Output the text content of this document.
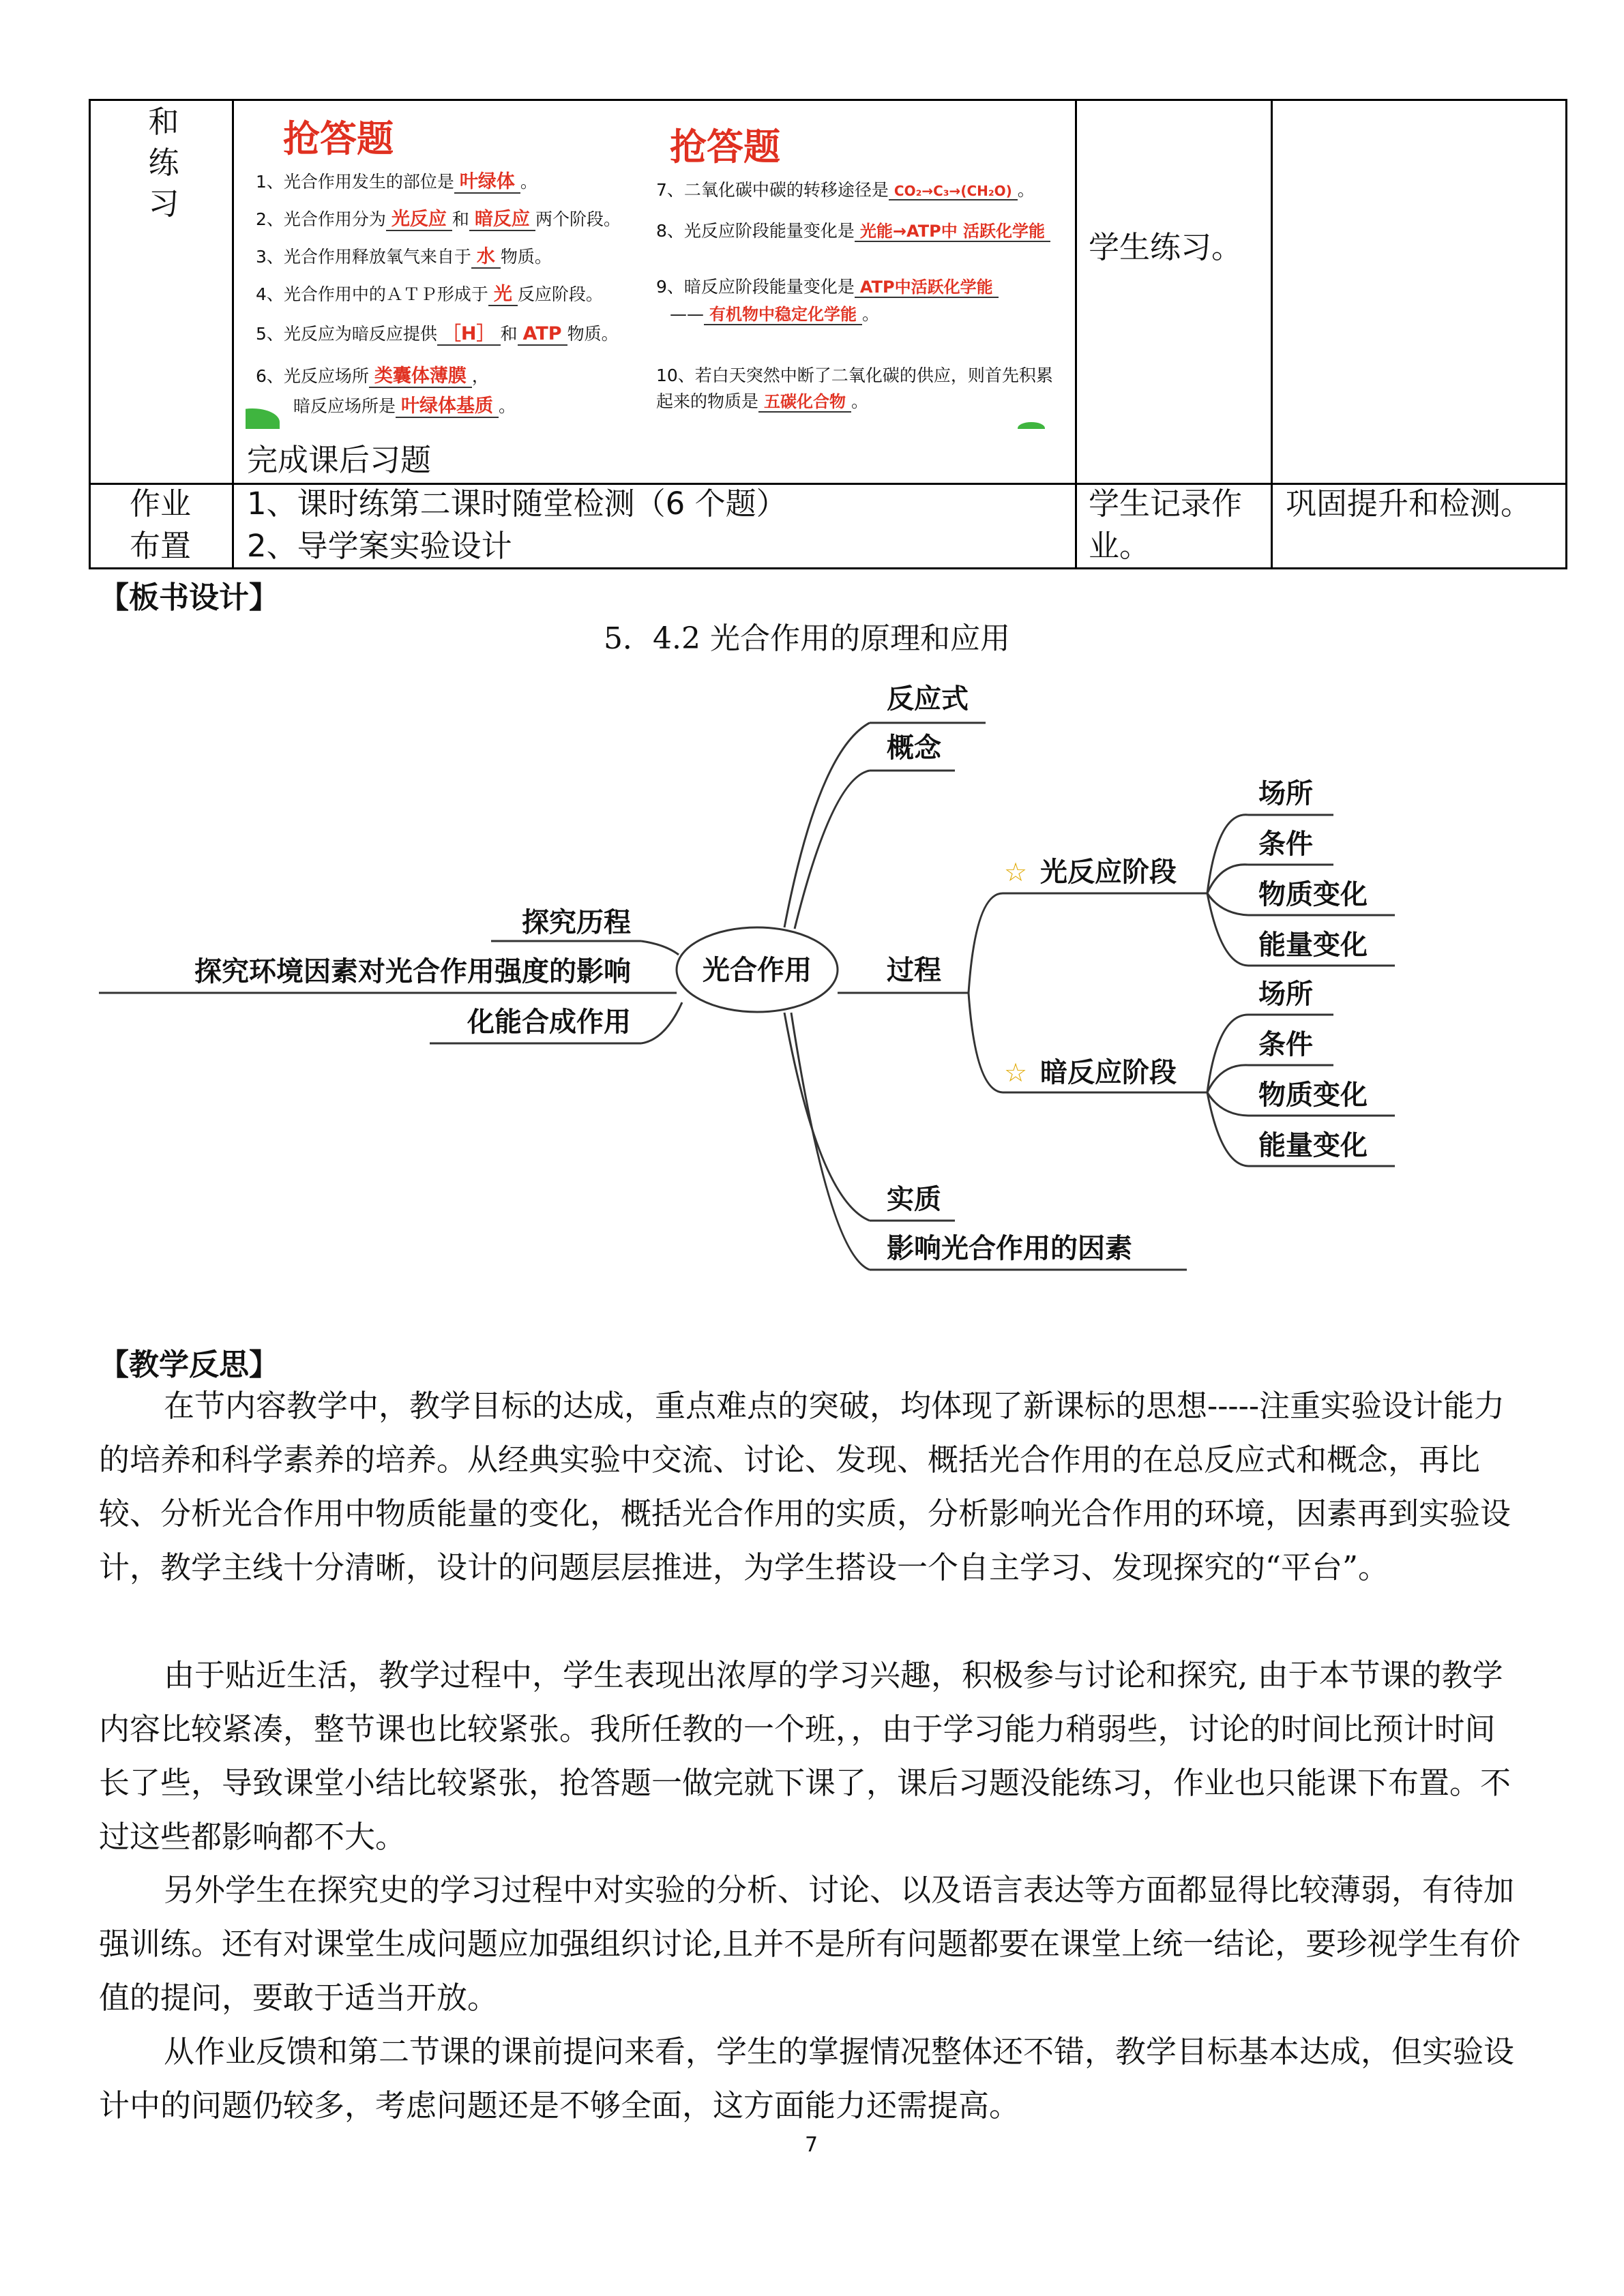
和
练
习
抢答题
1、光合作用发生的部位是 叶绿体 。
2、光合作用分为 光反应 和 暗反应 两个阶段。
3、光合作用释放氧气来自于 水 物质。
4、光合作用中的ＡＴＰ形成于 光 反应阶段。
5、光反应为暗反应提供 ［H］ 和 ATP 物质。
6、光反应场所 类囊体薄膜 ，
暗反应场所是 叶绿体基质 。
抢答题
7、二氧化碳中碳的转移途径是 CO₂→C₃→(CH₂O) 。
8、光反应阶段能量变化是 光能→ATP中 活跃化学能
9、暗反应阶段能量变化是 ATP中活跃化学能
—— 有机物中稳定化学能 。
10、若白天突然中断了二氧化碳的供应，则首先积累
起来的物质是 五碳化合物 。
完成课后习题
学生练习。
作业
布置
1、课时练第二课时随堂检测（6 个题）
2、导学案实验设计
学生记录作
业。
巩固提升和检测。
【板书设计】
5．4.2 光合作用的原理和应用
光合作用
探究历程
探究环境因素对光合作用强度的影响
化能合成作用
反应式
概念
过程
☆ 光反应阶段
☆ 暗反应阶段
场所
条件
物质变化
能量变化
场所
条件
物质变化
能量变化
实质
影响光合作用的因素
【教学反思】
在节内容教学中，教学目标的达成，重点难点的突破，均体现了新课标的思想-----注重实验设计能力的培养和科学素养的培养。从经典实验中交流、讨论、发现、概括光合作用的在总反应式和概念，再比较、分析光合作用中物质能量的变化，概括光合作用的实质，分析影响光合作用的环境，因素再到实验设计，教学主线十分清晰，设计的问题层层推进，为学生搭设一个自主学习、发现探究的“平台”。
由于贴近生活，教学过程中，学生表现出浓厚的学习兴趣，积极参与讨论和探究, 由于本节课的教学内容比较紧凑，整节课也比较紧张。我所任教的一个班，，由于学习能力稍弱些，讨论的时间比预计时间长了些，导致课堂小结比较紧张，抢答题一做完就下课了，课后习题没能练习，作业也只能课下布置。不过这些都影响都不大。
另外学生在探究史的学习过程中对实验的分析、讨论、以及语言表达等方面都显得比较薄弱，有待加强训练。还有对课堂生成问题应加强组织讨论,且并不是所有问题都要在课堂上统一结论，要珍视学生有价值的提问，要敢于适当开放。
从作业反馈和第二节课的课前提问来看，学生的掌握情况整体还不错，教学目标基本达成，但实验设计中的问题仍较多，考虑问题还是不够全面，这方面能力还需提高。
7
